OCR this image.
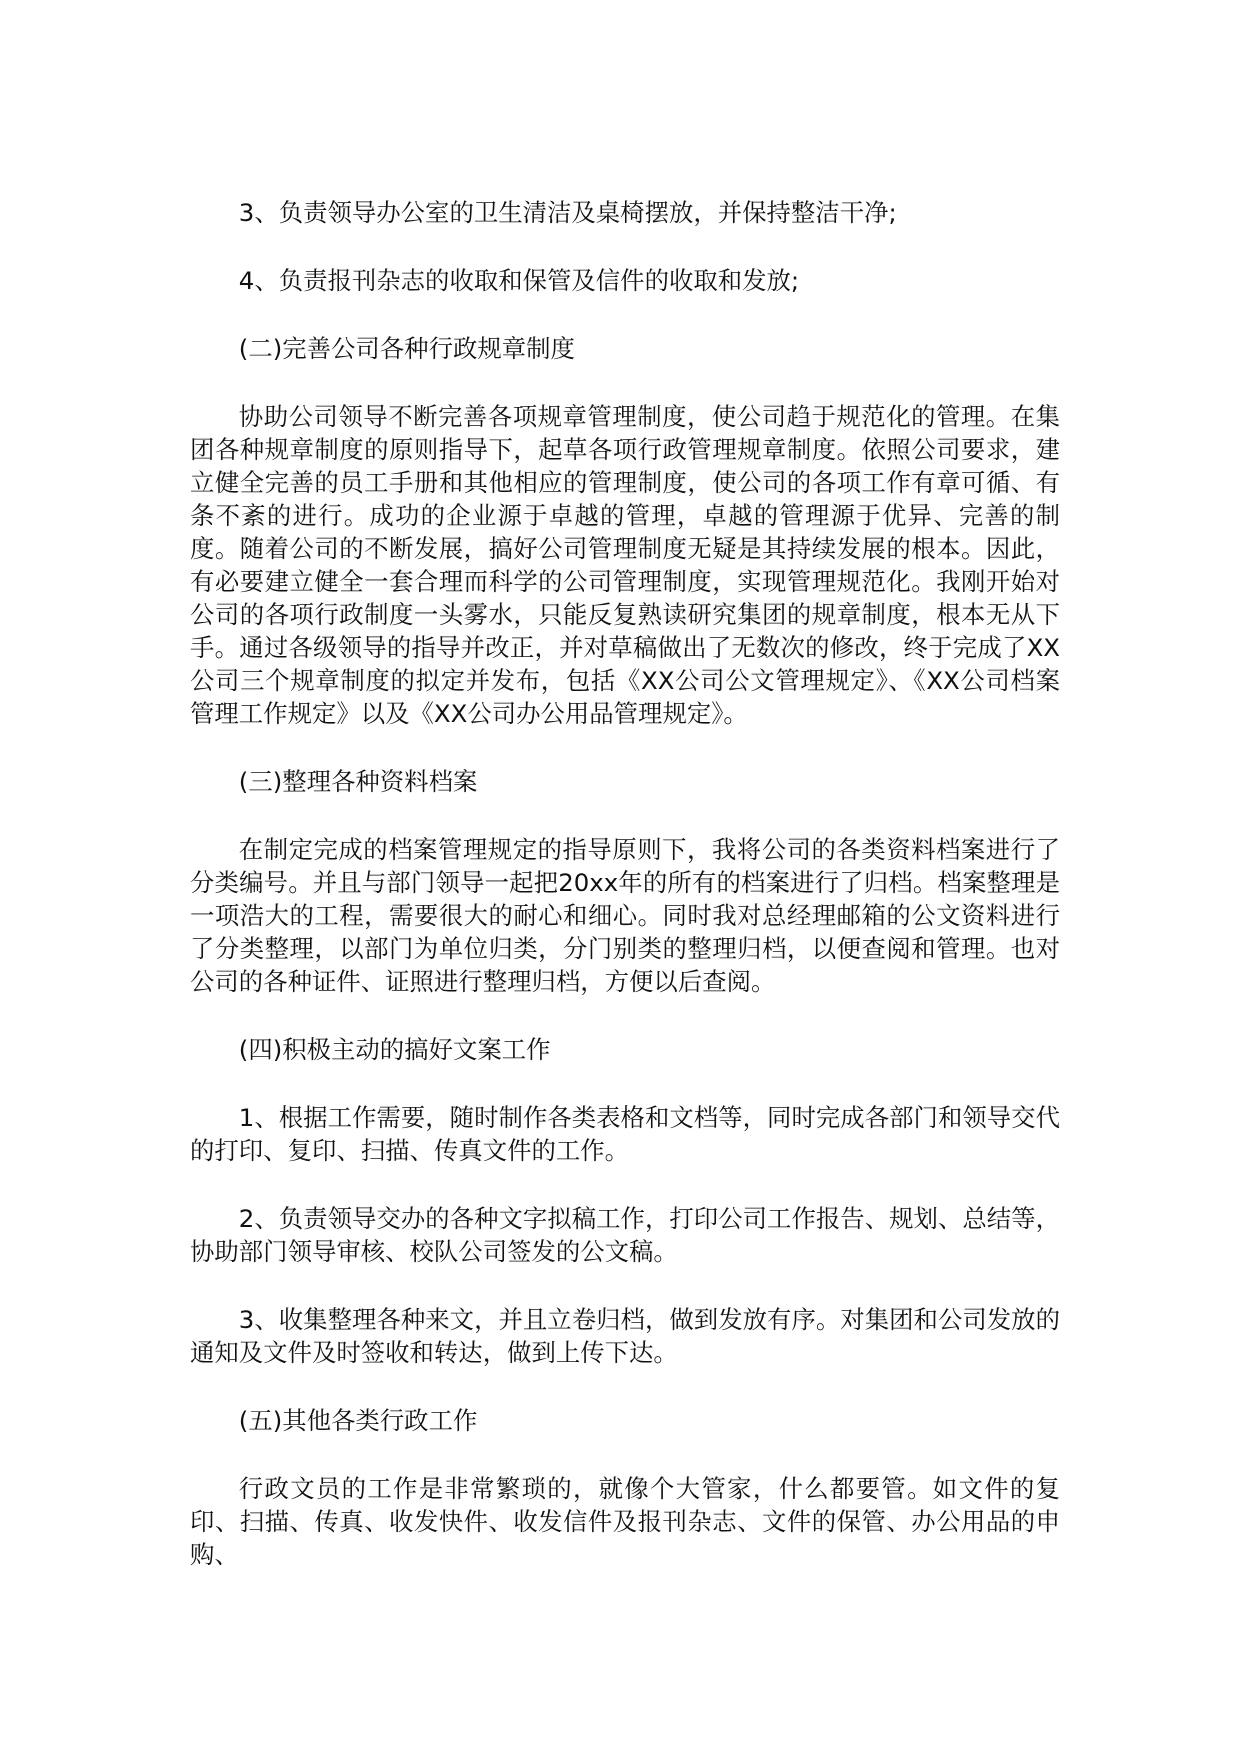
3、负责领导办公室的卫生清洁及桌椅摆放，并保持整洁干净;

4、负责报刊杂志的收取和保管及信件的收取和发放;

(二)完善公司各种行政规章制度

协助公司领导不断完善各项规章管理制度，使公司趋于规范化的管理。在集团各种规章制度的原则指导下，起草各项行政管理规章制度。依照公司要求，建立健全完善的员工手册和其他相应的管理制度，使公司的各项工作有章可循、有条不紊的进行。成功的企业源于卓越的管理，卓越的管理源于优异、完善的制度。随着公司的不断发展，搞好公司管理制度无疑是其持续发展的根本。因此，有必要建立健全一套合理而科学的公司管理制度，实现管理规范化。我刚开始对公司的各项行政制度一头雾水，只能反复熟读研究集团的规章制度，根本无从下手。通过各级领导的指导并改正，并对草稿做出了无数次的修改，终于完成了XX公司三个规章制度的拟定并发布，包括《XX公司公文管理规定》、《XX公司档案管理工作规定》以及《XX公司办公用品管理规定》。

(三)整理各种资料档案

在制定完成的档案管理规定的指导原则下，我将公司的各类资料档案进行了分类编号。并且与部门领导一起把20xx年的所有的档案进行了归档。档案整理是一项浩大的工程，需要很大的耐心和细心。同时我对总经理邮箱的公文资料进行了分类整理，以部门为单位归类，分门别类的整理归档，以便查阅和管理。也对公司的各种证件、证照进行整理归档，方便以后查阅。

(四)积极主动的搞好文案工作

1、根据工作需要，随时制作各类表格和文档等，同时完成各部门和领导交代的打印、复印、扫描、传真文件的工作。

2、负责领导交办的各种文字拟稿工作，打印公司工作报告、规划、总结等，协助部门领导审核、校队公司签发的公文稿。

3、收集整理各种来文，并且立卷归档，做到发放有序。对集团和公司发放的通知及文件及时签收和转达，做到上传下达。

(五)其他各类行政工作

行政文员的工作是非常繁琐的，就像个大管家，什么都要管。如文件的复印、扫描、传真、收发快件、收发信件及报刊杂志、文件的保管、办公用品的申购、
